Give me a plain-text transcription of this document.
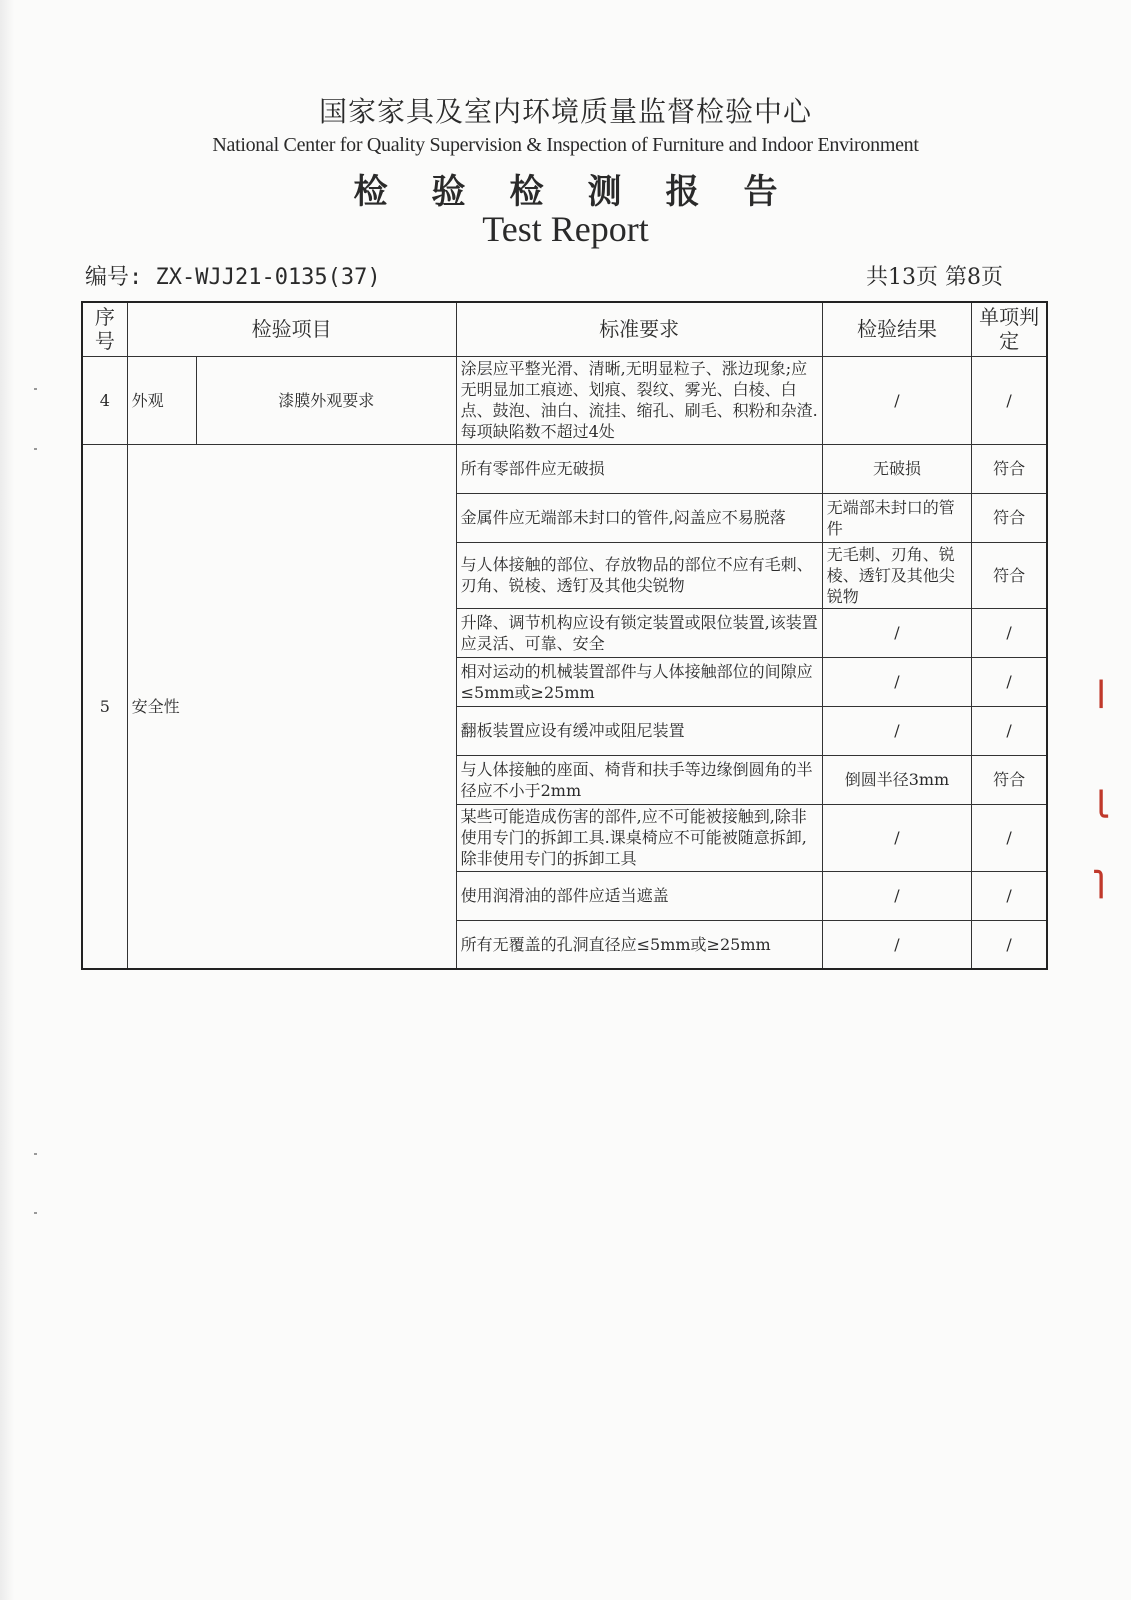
国家家具及室内环境质量监督检验中心
National Center for Quality Supervision & Inspection of Furniture and Indoor Environment
检验检测报告
Test Report
编号: ZX-WJJ21-0135(37)	共13页 第8页
序号	检验项目		标准要求	检验结果	单项判定
4	外观	漆膜外观要求	涂层应平整光滑、清晰,无明显粒子、涨边现象;应无明显加工痕迹、划痕、裂纹、雾光、白棱、白点、鼓泡、油白、流挂、缩孔、刷毛、积粉和杂渣.每项缺陷数不超过4处	/	/
5	安全性		所有零部件应无破损	无破损	符合
			金属件应无端部未封口的管件,闷盖应不易脱落	无端部未封口的管件	符合
			与人体接触的部位、存放物品的部位不应有毛刺、刃角、锐棱、透钉及其他尖锐物	无毛刺、刃角、锐棱、透钉及其他尖锐物	符合
			升降、调节机构应设有锁定装置或限位装置,该装置应灵活、可靠、安全	/	/
			相对运动的机械装置部件与人体接触部位的间隙应≤5mm或≥25mm	/	/
			翻板装置应设有缓冲或阻尼装置	/	/
			与人体接触的座面、椅背和扶手等边缘倒圆角的半径应不小于2mm	倒圆半径3mm	符合
			某些可能造成伤害的部件,应不可能被接触到,除非使用专门的拆卸工具.课桌椅应不可能被随意拆卸,除非使用专门的拆卸工具	/	/
			使用润滑油的部件应适当遮盖	/	/
			所有无覆盖的孔洞直径应≤5mm或≥25mm	/	/
⎪
⎩
⎫
